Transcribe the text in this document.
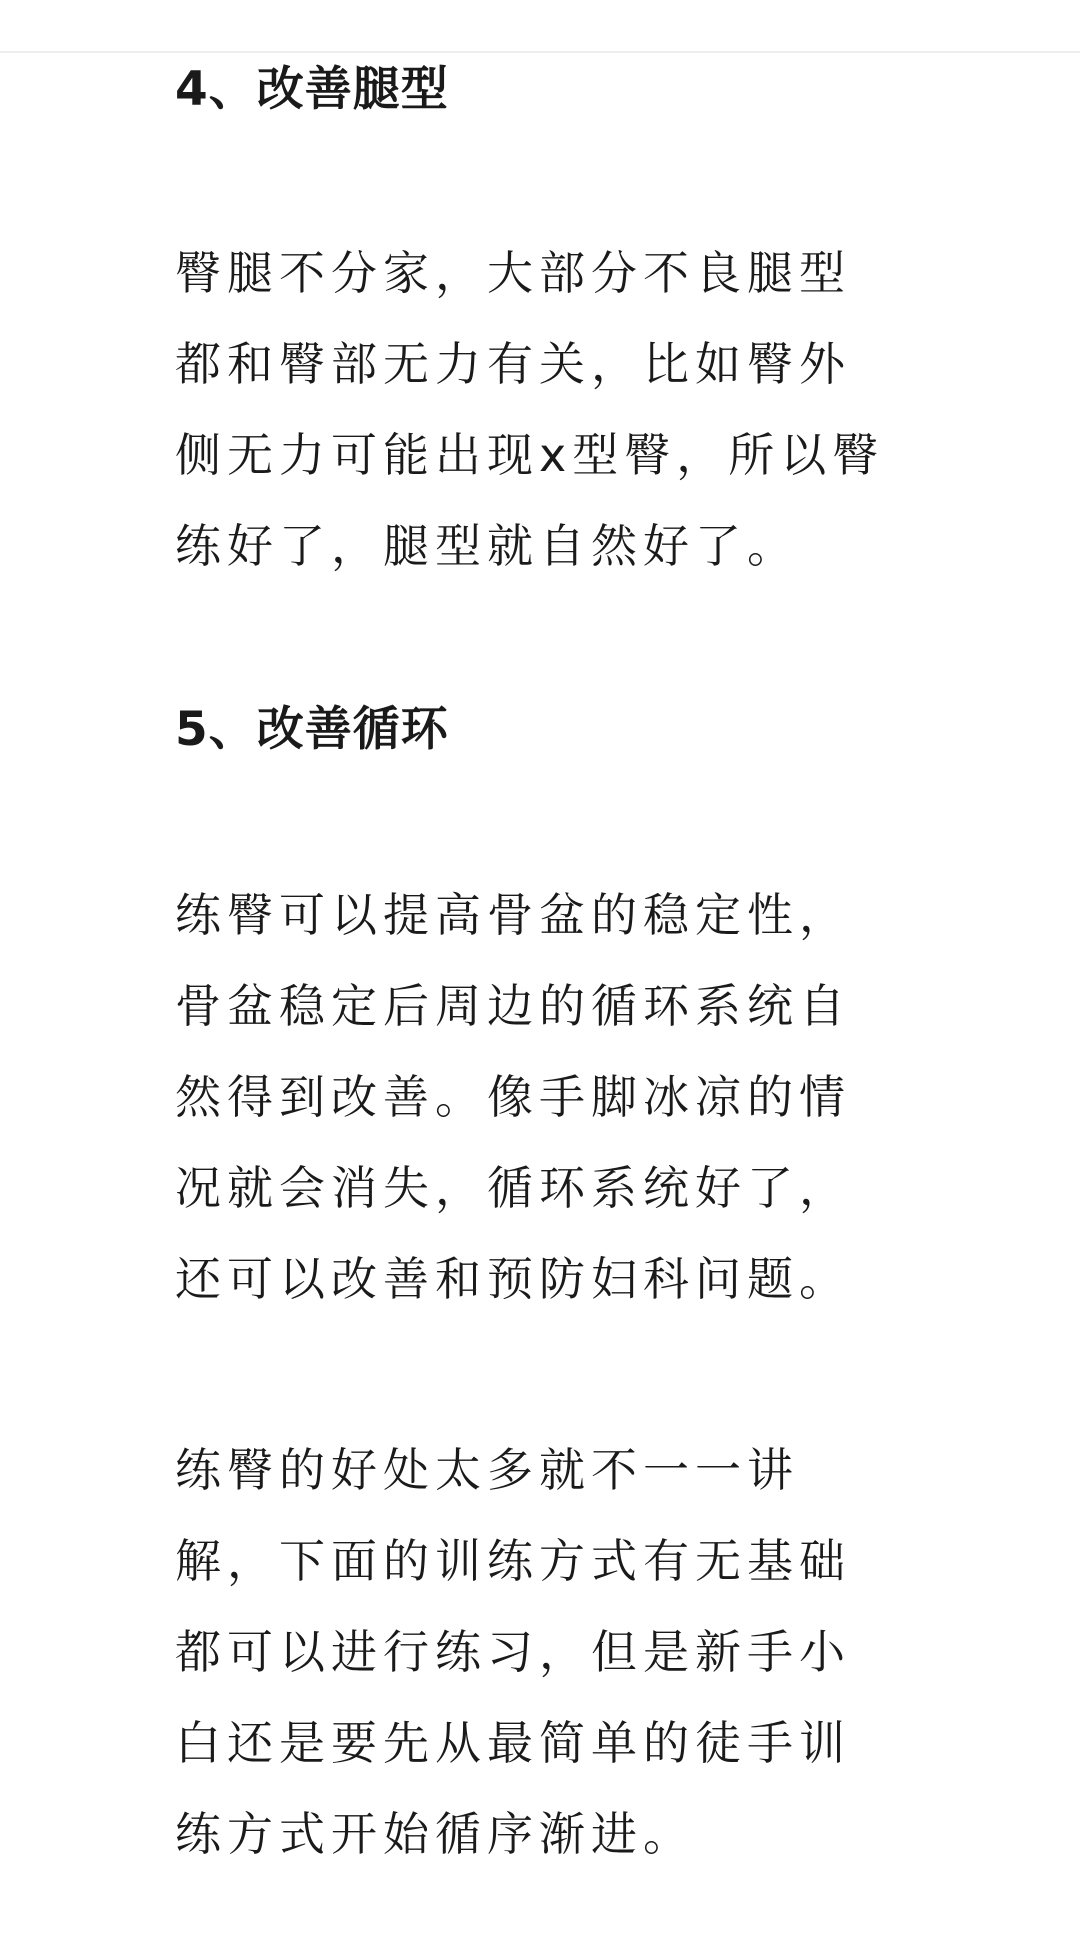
4、改善腿型
臀腿不分家，大部分不良腿型
都和臀部无力有关，比如臀外
侧无力可能出现x型臀，所以臀
练好了，腿型就自然好了。
5、改善循环
练臀可以提高骨盆的稳定性，
骨盆稳定后周边的循环系统自
然得到改善。像手脚冰凉的情
况就会消失，循环系统好了，
还可以改善和预防妇科问题。
练臀的好处太多就不一一讲
解，下面的训练方式有无基础
都可以进行练习，但是新手小
白还是要先从最简单的徒手训
练方式开始循序渐进。
